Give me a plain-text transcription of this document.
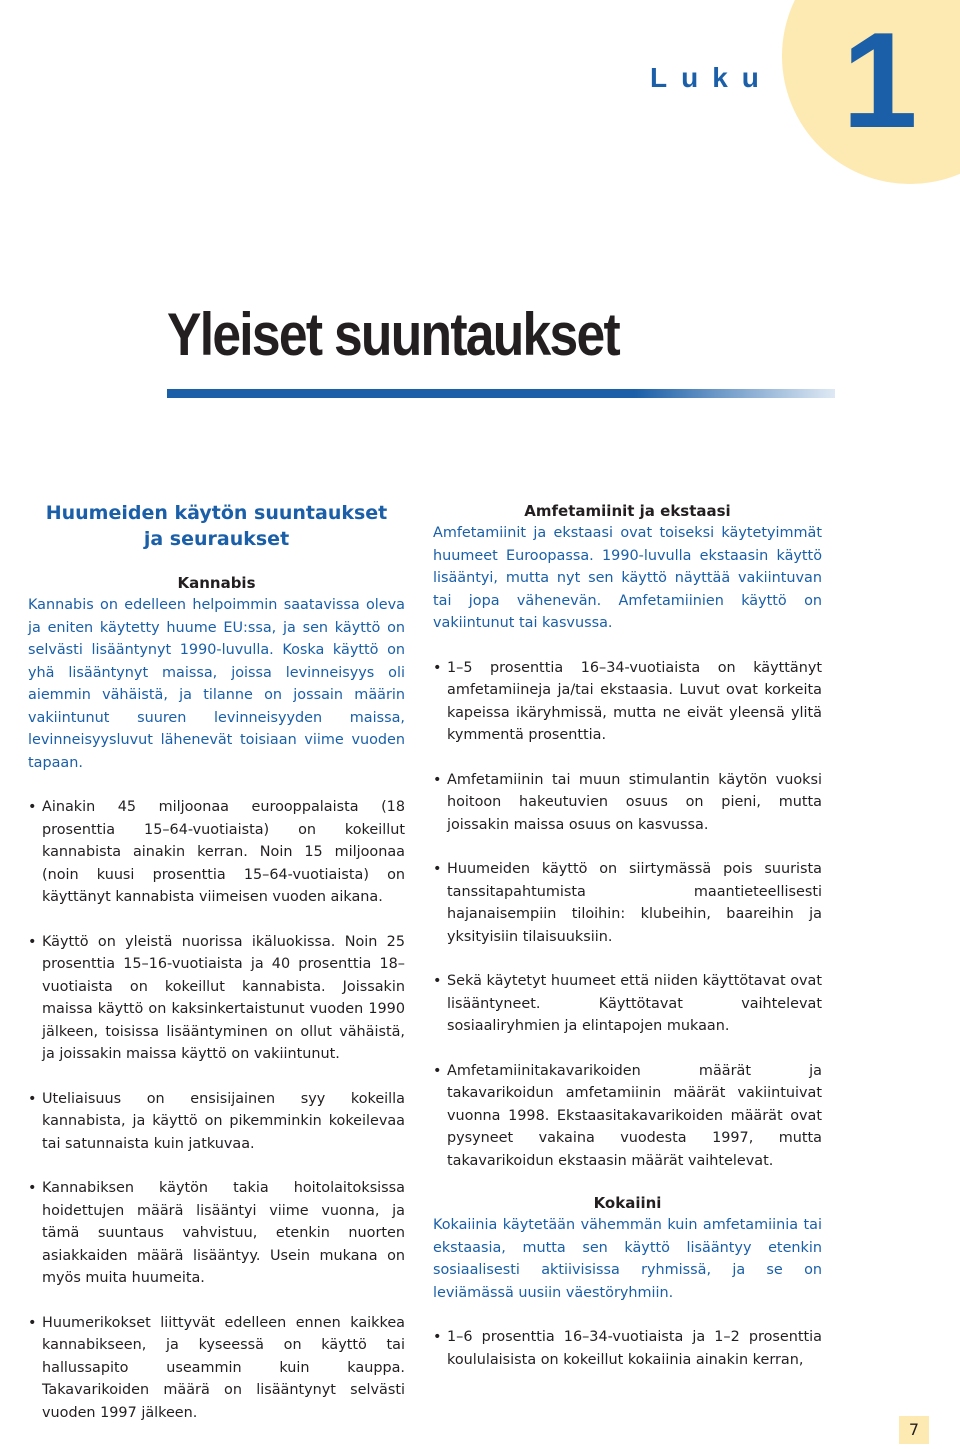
Luku 1
Yleiset suuntaukset
Huumeiden käytön suuntaukset
ja seuraukset
Kannabis

Kannabis on edelleen helpoimmin saatavissa oleva ja eniten käytetty huume EU:ssa, ja sen käyttö on selvästi lisääntynyt 1990-luvulla. Koska käyttö on yhä lisääntynyt maissa, joissa levinneisyys oli aiemmin vähäistä, ja tilanne on jossain määrin vakiintunut suuren levinneisyyden maissa, levinneisyysluvut lähenevät toisiaan viime vuoden tapaan.

• Ainakin 45 miljoonaa eurooppalaista (18 prosenttia 15–64-vuotiaista) on kokeillut kannabista ainakin kerran. Noin 15 miljoonaa (noin kuusi prosenttia 15–64-vuotiaista) on käyttänyt kannabista viimeisen vuoden aikana.
• Käyttö on yleistä nuorissa ikäluokissa. Noin 25 prosenttia 15–16-vuotiaista ja 40 prosenttia 18–vuotiaista on kokeillut kannabista. Joissakin maissa käyttö on kaksinkertaistunut vuoden 1990 jälkeen, toisissa lisääntyminen on ollut vähäistä, ja joissakin maissa käyttö on vakiintunut.
• Uteliaisuus on ensisijainen syy kokeilla kannabista, ja käyttö on pikemminkin kokeilevaa tai satunnaista kuin jatkuvaa.
• Kannabiksen käytön takia hoitolaitoksissa hoidettujen määrä lisääntyi viime vuonna, ja tämä suuntaus vahvistuu, etenkin nuorten asiakkaiden määrä lisääntyy. Usein mukana on myös muita huumeita.
• Huumerikokset liittyvät edelleen ennen kaikkea kannabikseen, ja kyseessä on käyttö tai hallussapito useammin kuin kauppa. Takavarikoiden määrä on lisääntynyt selvästi vuoden 1997 jälkeen.
Amfetamiinit ja ekstaasi

Amfetamiinit ja ekstaasi ovat toiseksi käytetyimmät huumeet Euroopassa. 1990-luvulla ekstaasin käyttö lisääntyi, mutta nyt sen käyttö näyttää vakiintuvan tai jopa vähenevän. Amfetamiinien käyttö on vakiintunut tai kasvussa.

• 1–5 prosenttia 16–34-vuotiaista on käyttänyt amfetamiineja ja/tai ekstaasia. Luvut ovat korkeita kapeissa ikäryhmissä, mutta ne eivät yleensä ylitä kymmentä prosenttia.
• Amfetamiinin tai muun stimulantin käytön vuoksi hoitoon hakeutuvien osuus on pieni, mutta joissakin maissa osuus on kasvussa.
• Huumeiden käyttö on siirtymässä pois suurista tanssitapahtumista maantieteellisesti hajanaisempiin tiloihin: klubeihin, baareihin ja yksityisiin tilaisuuksiin.
• Sekä käytetyt huumeet että niiden käyttötavat ovat lisääntyneet. Käyttötavat vaihtelevat sosiaaliryhmien ja elintapojen mukaan.
• Amfetamiinitakavarikoiden määrät ja takavarikoidun amfetamiinin määrät vakiintuivat vuonna 1998. Ekstaasitakavarikoiden määrät ovat pysyneet vakaina vuodesta 1997, mutta takavarikoidun ekstaasin määrät vaihtelevat.
Kokaiini

Kokaiinia käytetään vähemmän kuin amfetamiinia tai ekstaasia, mutta sen käyttö lisääntyy etenkin sosiaalisesti aktiivisissa ryhmissä, ja se on leviämässä uusiin väestöryhmiin.

• 1–6 prosenttia 16–34-vuotiaista ja 1–2 prosenttia koululaisista on kokeillut kokaiinia ainakin kerran,
7
